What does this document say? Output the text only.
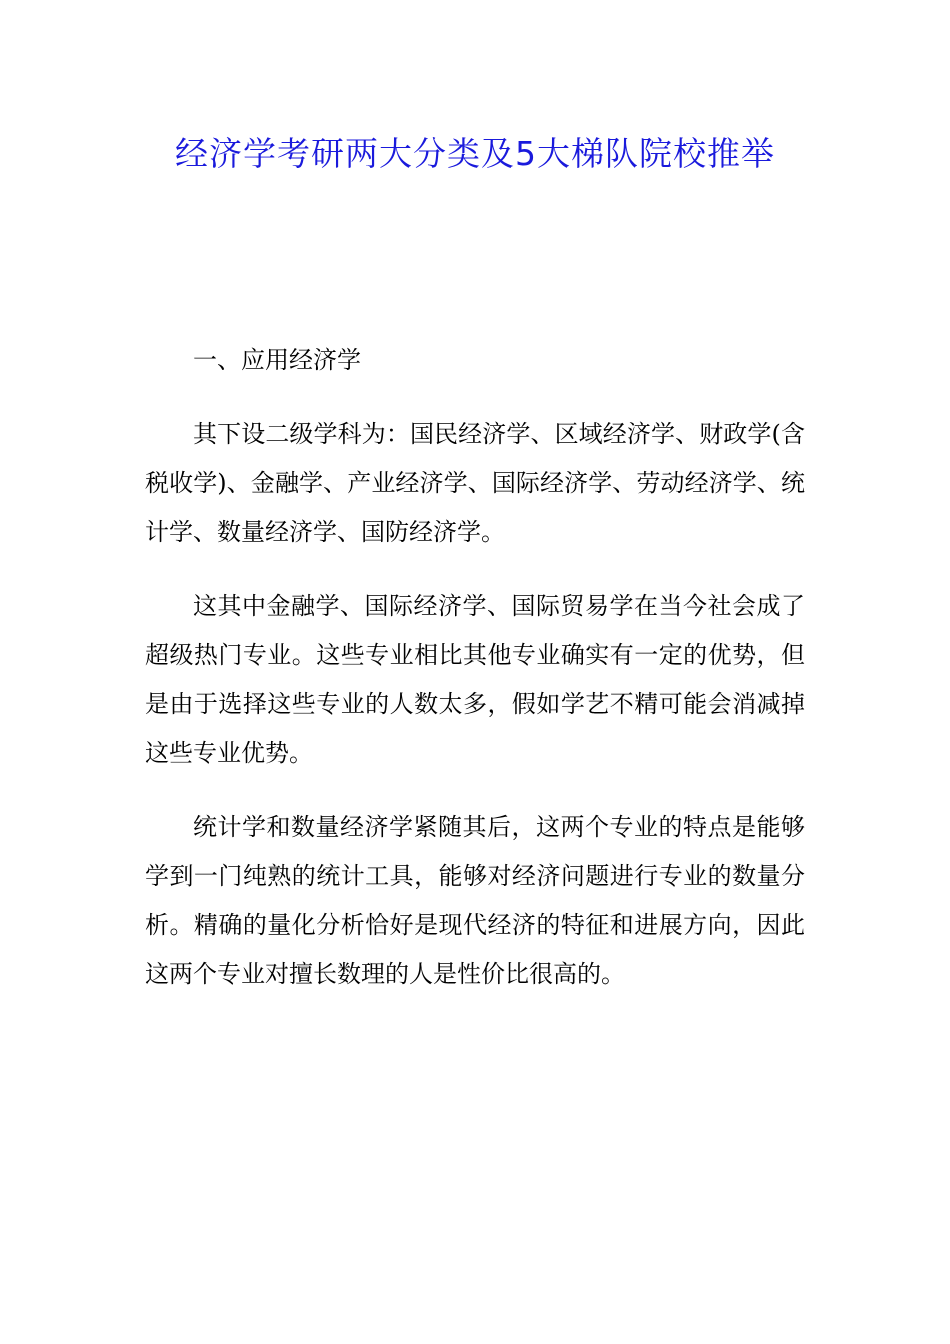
经济学考研两大分类及5大梯队院校推举

一、应用经济学

其下设二级学科为：国民经济学、区域经济学、财政学(含税收学)、金融学、产业经济学、国际经济学、劳动经济学、统计学、数量经济学、国防经济学。

这其中金融学、国际经济学、国际贸易学在当今社会成了超级热门专业。这些专业相比其他专业确实有一定的优势，但是由于选择这些专业的人数太多，假如学艺不精可能会消减掉这些专业优势。

统计学和数量经济学紧随其后，这两个专业的特点是能够学到一门纯熟的统计工具，能够对经济问题进行专业的数量分析。精确的量化分析恰好是现代经济的特征和进展方向，因此这两个专业对擅长数理的人是性价比很高的。
